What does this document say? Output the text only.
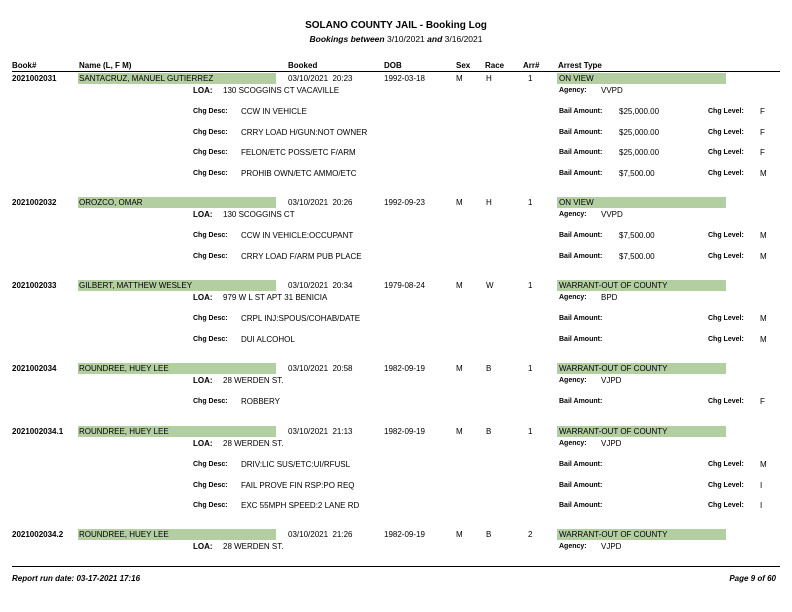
SOLANO COUNTY JAIL - Booking Log
Bookings between 3/10/2021 and 3/16/2021
Book#	Name (L, F M)	Booked	DOB	Sex Race Arr# Arrest Type
2021002031	SANTACRUZ, MANUEL GUTIERREZ	03/10/2021  20:23	1992-03-18	M	H	1	ON VIEW
LOA: 130 SCOGGINS CT VACAVILLE	Agency: VVPD
Chg Desc: CCW IN VEHICLE	Bail Amount: $25,000.00	Chg Level: F
Chg Desc: CRRY LOAD H/GUN:NOT OWNER	Bail Amount: $25,000.00	Chg Level: F
Chg Desc: FELON/ETC POSS/ETC F/ARM	Bail Amount: $25,000.00	Chg Level: F
Chg Desc: PROHIB OWN/ETC AMMO/ETC	Bail Amount: $7,500.00	Chg Level: M
2021002032	OROZCO, OMAR	03/10/2021  20:26	1992-09-23	M	H	1	ON VIEW
LOA: 130 SCOGGINS CT	Agency: VVPD
Chg Desc: CCW IN VEHICLE:OCCUPANT	Bail Amount: $7,500.00	Chg Level: M
Chg Desc: CRRY LOAD F/ARM PUB PLACE	Bail Amount: $7,500.00	Chg Level: M
2021002033	GILBERT, MATTHEW WESLEY	03/10/2021  20:34	1979-08-24	M	W	1	WARRANT-OUT OF COUNTY
LOA: 979 W L ST APT 31 BENICIA	Agency: BPD
Chg Desc: CRPL INJ:SPOUS/COHAB/DATE	Bail Amount:	Chg Level: M
Chg Desc: DUI ALCOHOL	Bail Amount:	Chg Level: M
2021002034	ROUNDREE, HUEY LEE	03/10/2021  20:58	1982-09-19	M	B	1	WARRANT-OUT OF COUNTY
LOA: 28 WERDEN ST.	Agency: VJPD
Chg Desc: ROBBERY	Bail Amount:	Chg Level: F
2021002034.1 ROUNDREE, HUEY LEE	03/10/2021  21:13	1982-09-19	M	B	1	WARRANT-OUT OF COUNTY
LOA: 28 WERDEN ST.	Agency: VJPD
Chg Desc: DRIV:LIC SUS/ETC:UI/RFUSL	Bail Amount:	Chg Level: M
Chg Desc: FAIL PROVE FIN RSP:PO REQ	Bail Amount:	Chg Level: I
Chg Desc: EXC 55MPH SPEED:2 LANE RD	Bail Amount:	Chg Level: I
2021002034.2 ROUNDREE, HUEY LEE	03/10/2021  21:26	1982-09-19	M	B	2	WARRANT-OUT OF COUNTY
LOA: 28 WERDEN ST.	Agency: VJPD
Report run date: 03-17-2021 17:16	Page 9 of 60
